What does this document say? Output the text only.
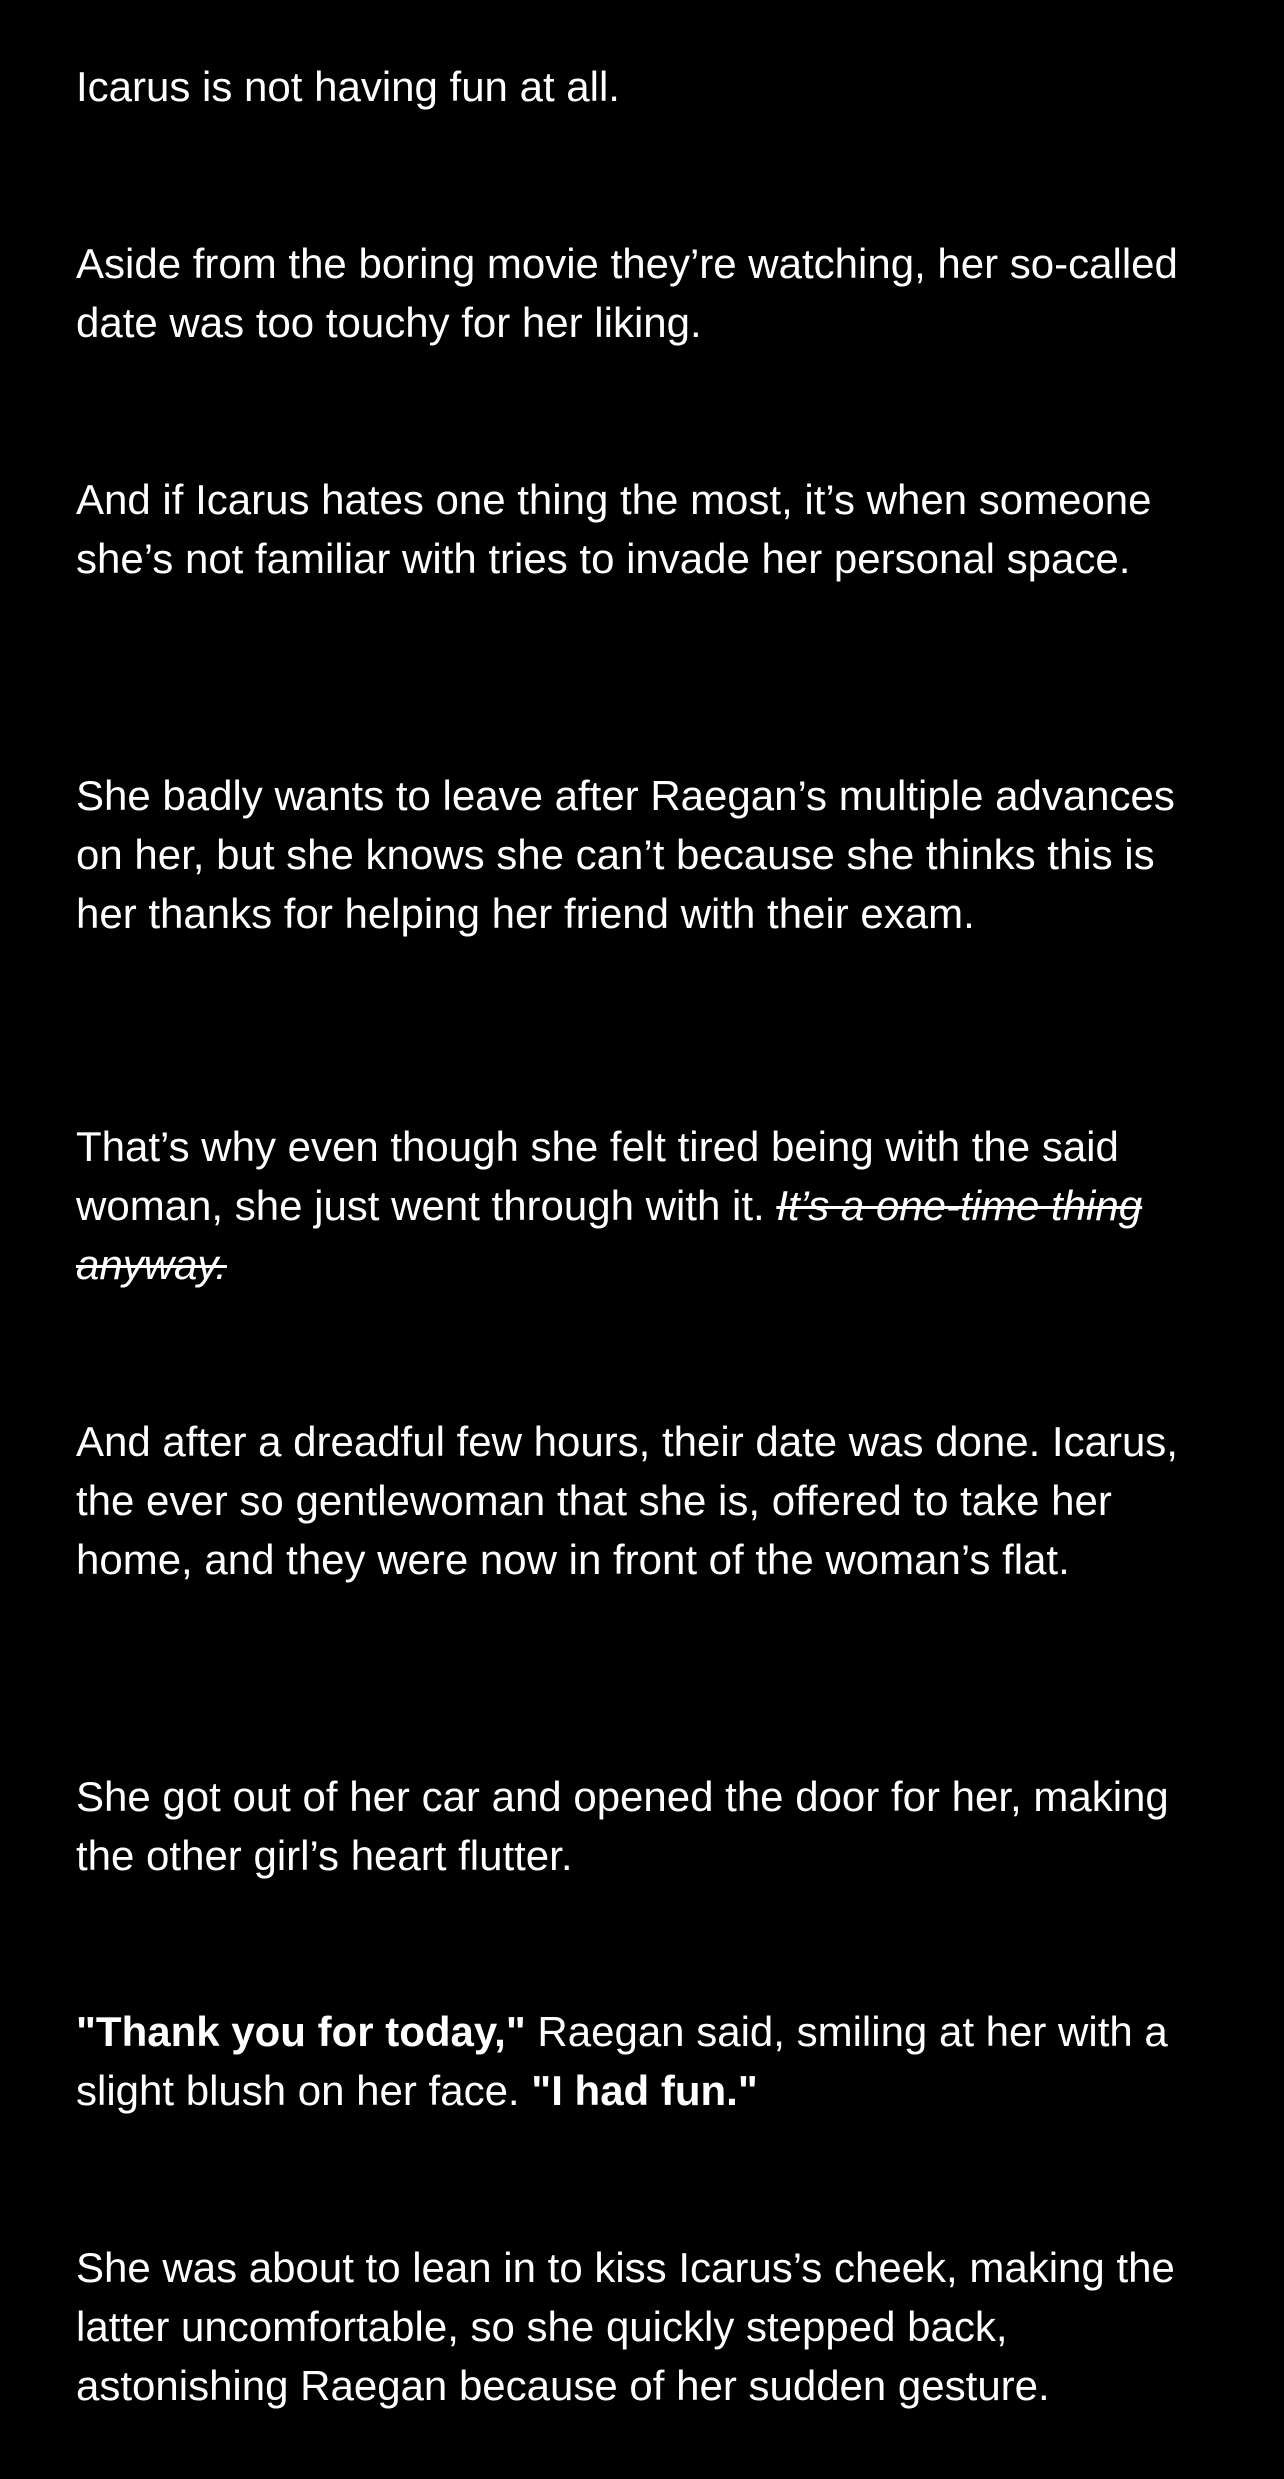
Icarus is not having fun at all.

Aside from the boring movie they’re watching, her so-called date was too touchy for her liking.

And if Icarus hates one thing the most, it’s when someone she’s not familiar with tries to invade her personal space.

She badly wants to leave after Raegan’s multiple advances on her, but she knows she can’t because she thinks this is her thanks for helping her friend with their exam.

That’s why even though she felt tired being with the said woman, she just went through with it. It’s a one-time thing anyway.

And after a dreadful few hours, their date was done. Icarus, the ever so gentlewoman that she is, offered to take her home, and they were now in front of the woman’s flat.

She got out of her car and opened the door for her, making the other girl’s heart flutter.

"Thank you for today," Raegan said, smiling at her with a slight blush on her face. "I had fun."

She was about to lean in to kiss Icarus’s cheek, making the latter uncomfortable, so she quickly stepped back, astonishing Raegan because of her sudden gesture.
